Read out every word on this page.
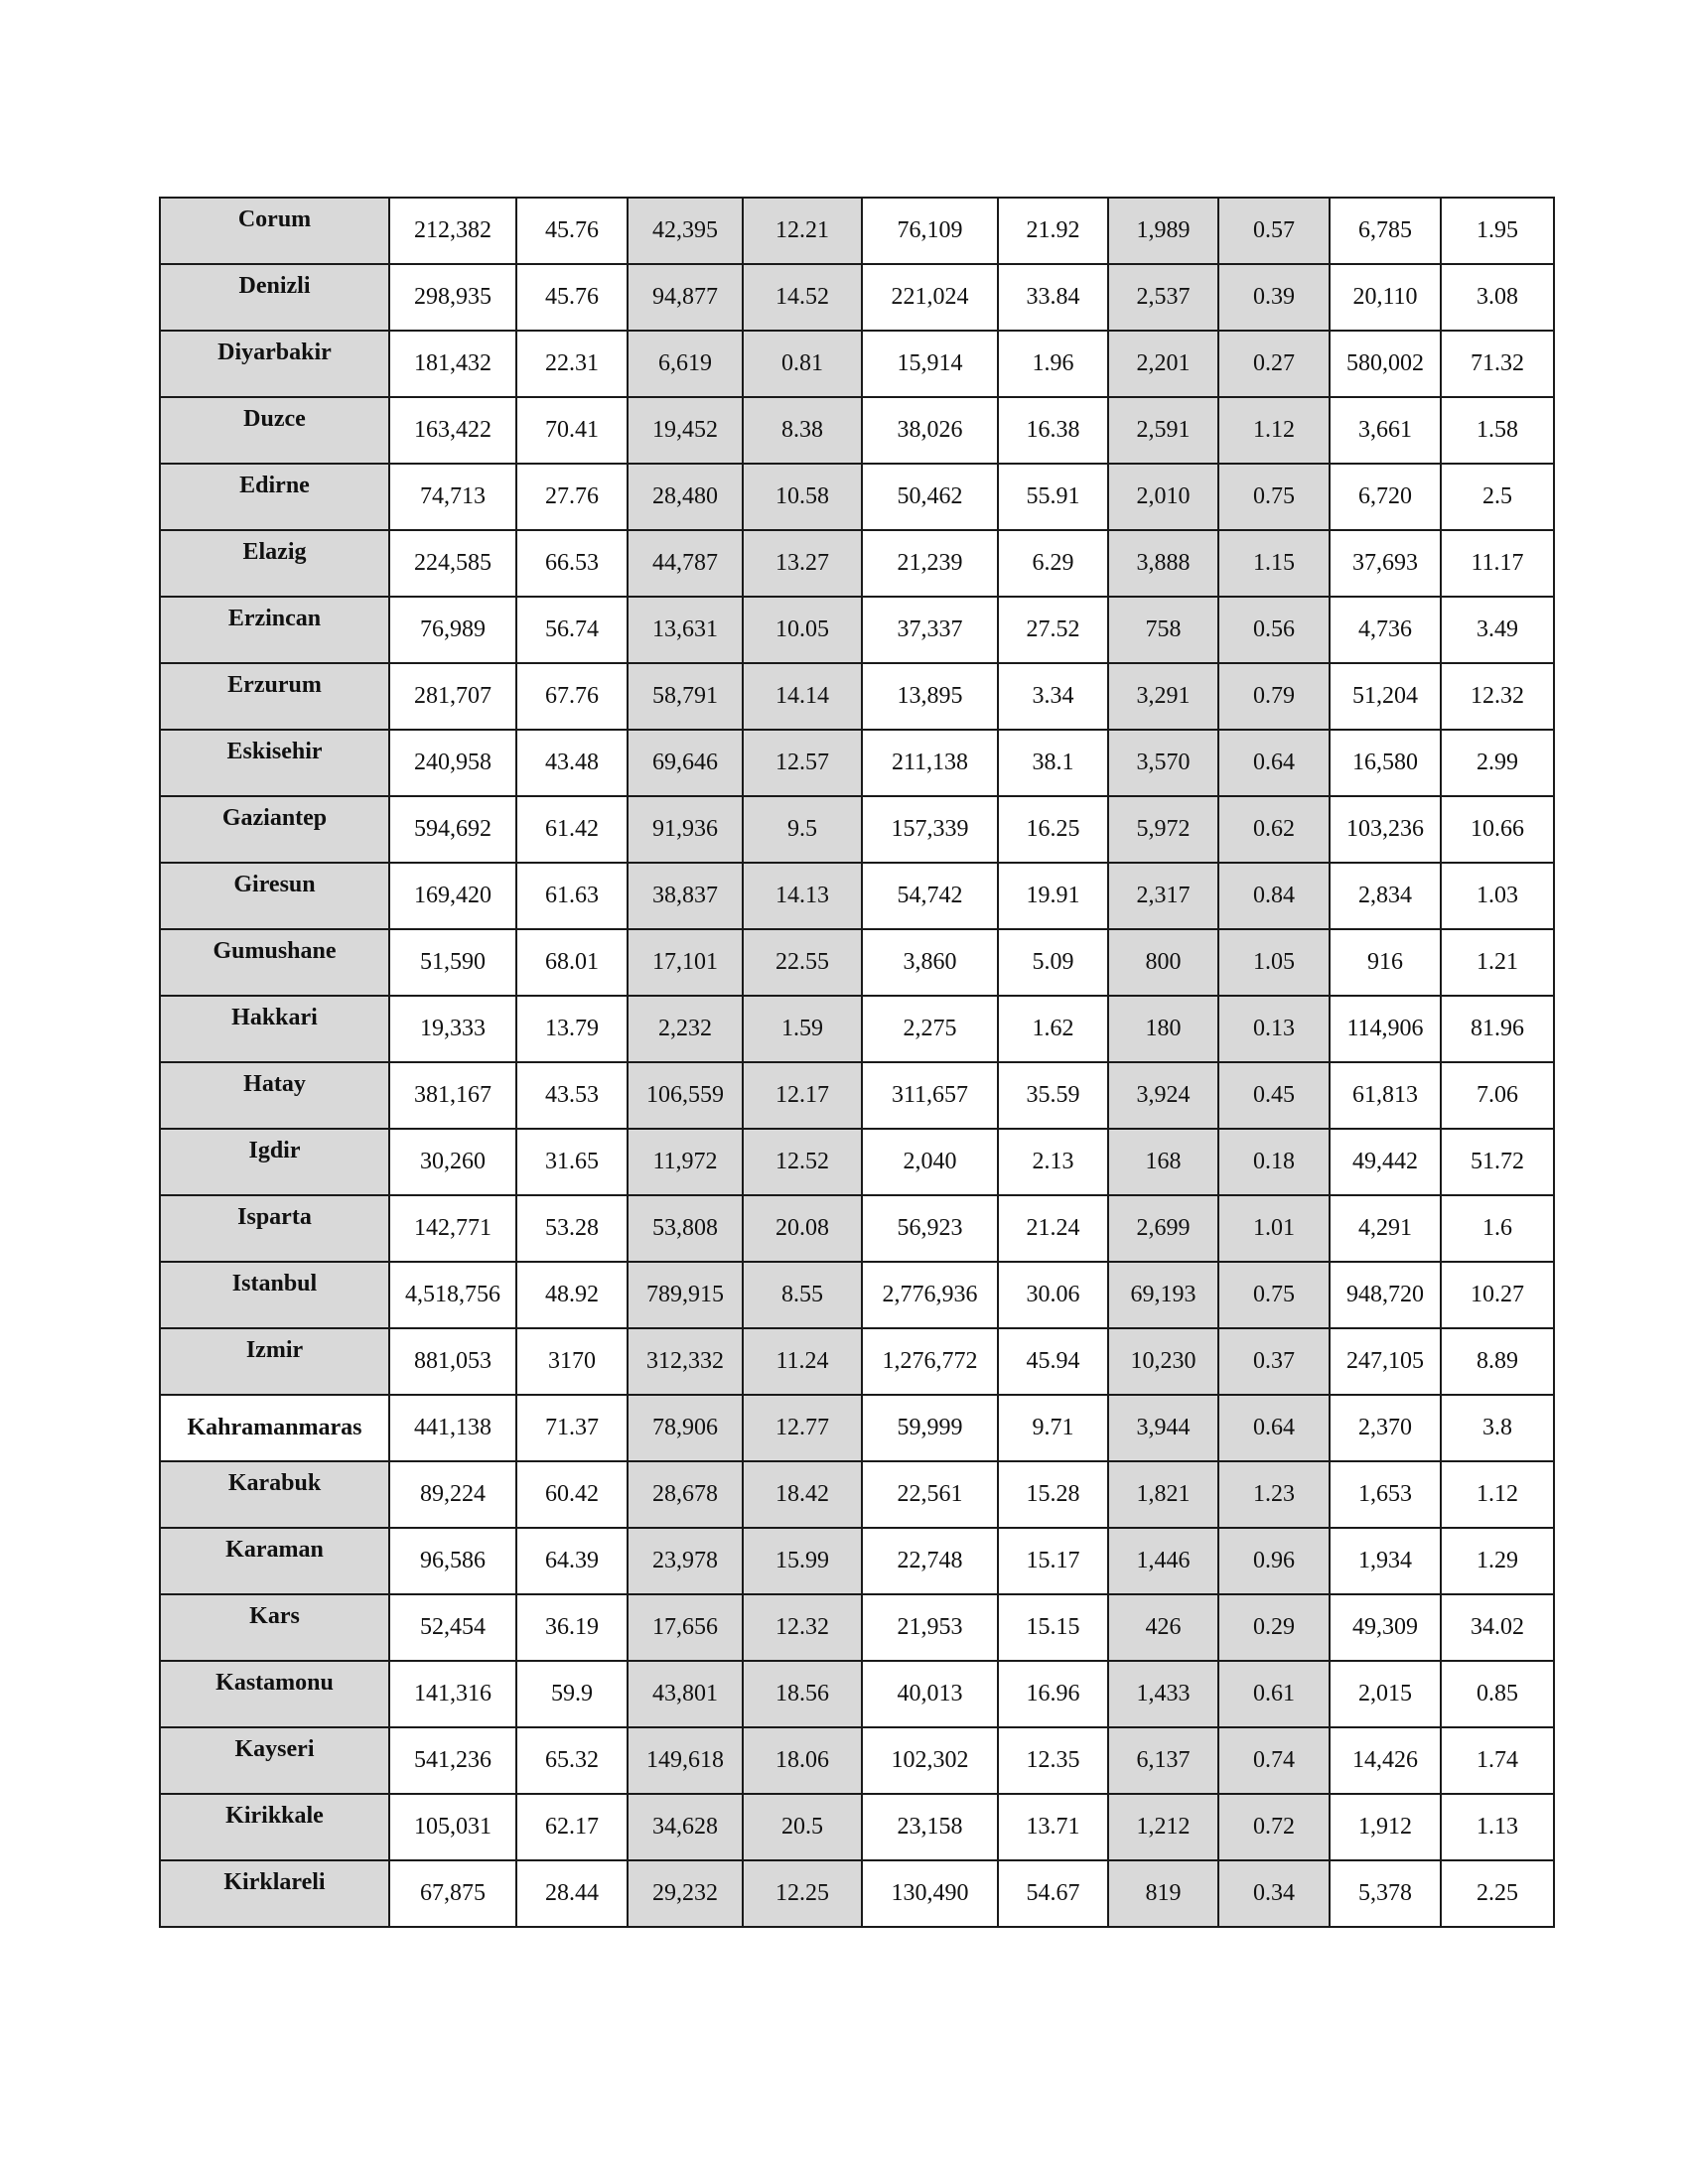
Corum	212,382	45.76	42,395	12.21	76,109	21.92	1,989	0.57	6,785	1.95
Denizli	298,935	45.76	94,877	14.52	221,024	33.84	2,537	0.39	20,110	3.08
Diyarbakir	181,432	22.31	6,619	0.81	15,914	1.96	2,201	0.27	580,002	71.32
Duzce	163,422	70.41	19,452	8.38	38,026	16.38	2,591	1.12	3,661	1.58
Edirne	74,713	27.76	28,480	10.58	50,462	55.91	2,010	0.75	6,720	2.5
Elazig	224,585	66.53	44,787	13.27	21,239	6.29	3,888	1.15	37,693	11.17
Erzincan	76,989	56.74	13,631	10.05	37,337	27.52	758	0.56	4,736	3.49
Erzurum	281,707	67.76	58,791	14.14	13,895	3.34	3,291	0.79	51,204	12.32
Eskisehir	240,958	43.48	69,646	12.57	211,138	38.1	3,570	0.64	16,580	2.99
Gaziantep	594,692	61.42	91,936	9.5	157,339	16.25	5,972	0.62	103,236	10.66
Giresun	169,420	61.63	38,837	14.13	54,742	19.91	2,317	0.84	2,834	1.03
Gumushane	51,590	68.01	17,101	22.55	3,860	5.09	800	1.05	916	1.21
Hakkari	19,333	13.79	2,232	1.59	2,275	1.62	180	0.13	114,906	81.96
Hatay	381,167	43.53	106,559	12.17	311,657	35.59	3,924	0.45	61,813	7.06
Igdir	30,260	31.65	11,972	12.52	2,040	2.13	168	0.18	49,442	51.72
Isparta	142,771	53.28	53,808	20.08	56,923	21.24	2,699	1.01	4,291	1.6
Istanbul	4,518,756	48.92	789,915	8.55	2,776,936	30.06	69,193	0.75	948,720	10.27
Izmir	881,053	3170	312,332	11.24	1,276,772	45.94	10,230	0.37	247,105	8.89
Kahramanmaras	441,138	71.37	78,906	12.77	59,999	9.71	3,944	0.64	2,370	3.8
Karabuk	89,224	60.42	28,678	18.42	22,561	15.28	1,821	1.23	1,653	1.12
Karaman	96,586	64.39	23,978	15.99	22,748	15.17	1,446	0.96	1,934	1.29
Kars	52,454	36.19	17,656	12.32	21,953	15.15	426	0.29	49,309	34.02
Kastamonu	141,316	59.9	43,801	18.56	40,013	16.96	1,433	0.61	2,015	0.85
Kayseri	541,236	65.32	149,618	18.06	102,302	12.35	6,137	0.74	14,426	1.74
Kirikkale	105,031	62.17	34,628	20.5	23,158	13.71	1,212	0.72	1,912	1.13
Kirklareli	67,875	28.44	29,232	12.25	130,490	54.67	819	0.34	5,378	2.25
